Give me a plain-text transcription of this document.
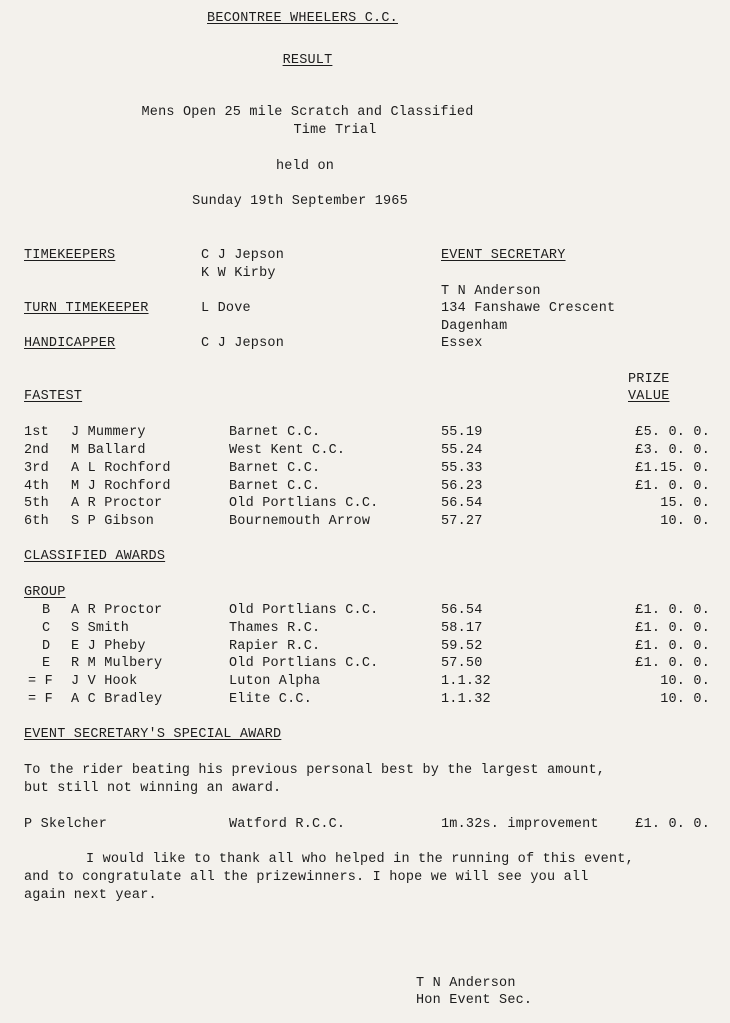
BECONTREE WHEELERS C.C.
RESULT
Mens Open 25 mile Scratch and Classified
Time Trial
held on
Sunday 19th September 1965
TIMEKEEPERS	C J Jepson
K W Kirby
TURN TIMEKEEPER	L Dove
HANDICAPPER	C J Jepson
EVENT SECRETARY
T N Anderson
134 Fanshawe Crescent
Dagenham
Essex
FASTEST
PRIZE
VALUE
1st J Mummery	Barnet C.C.	55.19	£5. 0. 0.
2nd M Ballard	West Kent C.C.	55.24	£3. 0. 0.
3rd A L Rochford	Barnet C.C.	55.33	£1.15. 0.
4th M J Rochford	Barnet C.C.	56.23	£1. 0. 0.
5th A R Proctor	Old Portlians C.C.	56.54	15. 0.
6th S P Gibson	Bournemouth Arrow	57.27	10. 0.
CLASSIFIED AWARDS
GROUP
B A R Proctor	Old Portlians C.C.	56.54	£1. 0. 0.
C S Smith	Thames R.C.	58.17	£1. 0. 0.
D E J Pheby	Rapier R.C.	59.52	£1. 0. 0.
E R M Mulbery	Old Portlians C.C.	57.50	£1. 0. 0.
= F J V Hook	Luton Alpha	1.1.32	10. 0.
= F A C Bradley	Elite C.C.	1.1.32	10. 0.
EVENT SECRETARY'S SPECIAL AWARD
To the rider beating his previous personal best by the largest amount,
but still not winning an award.
P Skelcher	Watford R.C.C.	1m.32s. improvement	£1. 0. 0.
I would like to thank all who helped in the running of this event,
and to congratulate all the prizewinners. I hope we will see you all
again next year.
T N Anderson
Hon Event Sec.
